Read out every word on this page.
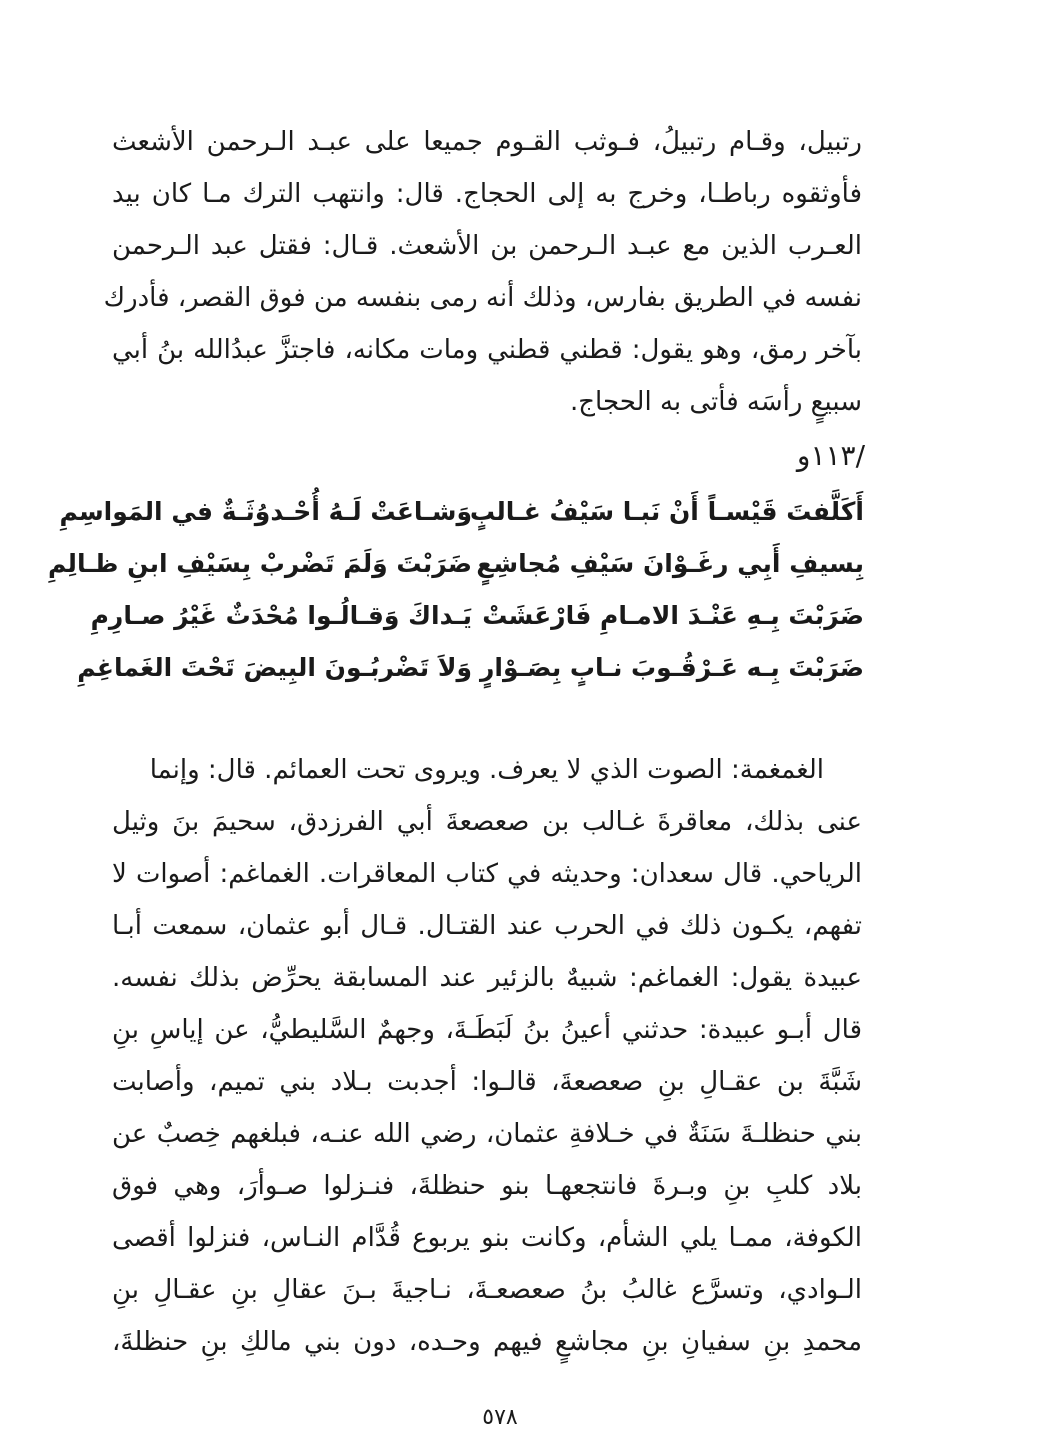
رتبيل، وقـام رتبيلُ، فـوثب القـوم جميعا على عبـد الـرحمن الأشعث
فأوثقوه رباطـا، وخرج به إلى الحجاج. قال: وانتهب الترك مـا كان بيد
العـرب الذين مع عبـد الـرحمن بن الأشعث. قـال: فقتل عبد الـرحمن
نفسه في الطريق بفارس، وذلك أنه رمى بنفسه من فوق القصر، فأدرك
بآخر رمق، وهو يقول: قطني قطني ومات مكانه، فاجتزَّ عبدُالله بنُ أبي
سبيعٍ رأسَه فأتى به الحجاج.
/١١٣و
أَكَلَّفتَ قَيْسـاً أَنْ نَبـا سَيْفُ غـالبٍ
وَشـاعَتْ لَـهُ أُحْـدوُثَـةٌ في المَواسِمِ
بِسيفِ أَبِي رغَـوْانَ سَيْفِ مُجاشِعٍ
ضَرَبْتَ وَلَمَ تَضْربْ بِسَيْفِ ابنِ ظـالِمِ
ضَرَبْتَ بِـهِ عَنْـدَ الامـامِ فَارْعَشَتْ
يَـداكَ وَقـالُـوا مُحْدَثٌ غَيْرُ صـارِمِ
ضَرَبْتَ بِـه عَـرْقُـوبَ نـابٍ بِصَـوْارٍ
وَلاَ تَضْربُـونَ البِيضَ تَحْتَ الغَماغِمِ
الغمغمة: الصوت الذي لا يعرف. ويروى تحت العمائم. قال: وإنما
عنى بذلك، معاقرةَ غـالب بن صعصعةَ أبي الفرزدق، سحيمَ بنَ وثيل
الرياحي. قال سعدان: وحديثه في كتاب المعاقرات. الغماغم: أصوات لا
تفهم، يكـون ذلك في الحرب عند القتـال. قـال أبو عثمان، سمعت أبـا
عبيدة يقول: الغماغم: شبيهٌ بالزئير عند المسابقة يحرِّض بذلك نفسه.
قال أبـو عبيدة: حدثني أعينُ بنُ لَبَطَـةَ، وجهمٌ السَّليطيُّ، عن إياسِ بنِ
شَبَّةَ بن عقـالِ بنِ صعصعةَ، قالـوا: أجدبت بـلاد بني تميم، وأصابت
بني حنظلـةَ سَنَةٌ في خـلافةِ عثمان، رضي الله عنـه، فبلغهم خِصبٌ عن
بلاد كلبِ بنِ وبـرةَ فانتجعهـا بنو حنظلةَ، فنـزلوا صـوأرَ، وهي فوق
الكوفة، ممـا يلي الشأم، وكانت بنو يربوع قُدَّام النـاس، فنزلوا أقصى
الـوادي، وتسرَّع غالبُ بنُ صعصعـةَ، نـاجيةَ بـنَ عقالِ بنِ عقـالِ بنِ
محمدِ بنِ سفيانِ بنِ مجاشعٍ فيهم وحـده، دون بني مالكِ بنِ حنظلةَ،
٥٧٨
